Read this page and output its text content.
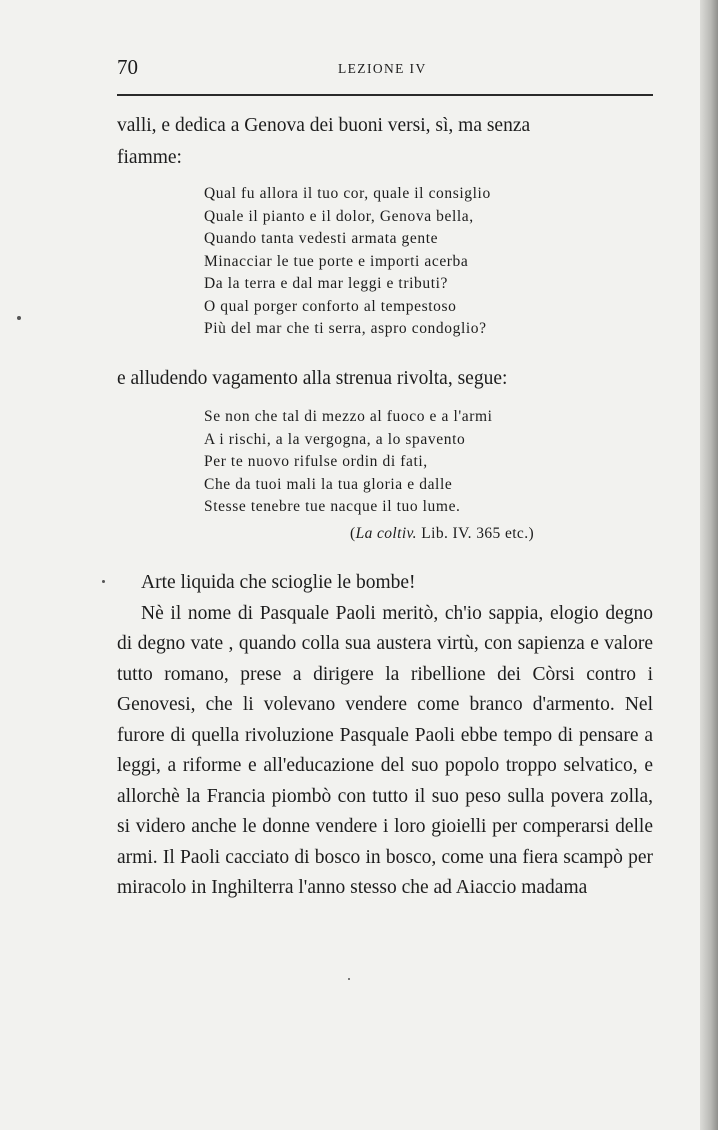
70	LEZIONE IV

valli, e dedica a Genova dei buoni versi, sì, ma senza
fiamme:

Qual fu allora il tuo cor, quale il consiglio
Quale il pianto e il dolor, Genova bella,
Quando tanta vedesti armata gente
Minacciar le tue porte e importi acerba
Da la terra e dal mar leggi e tributi?
O qual porger conforto al tempestoso
Più del mar che ti serra, aspro condoglio?

e alludendo vagamento alla strenua rivolta, segue:

Se non che tal di mezzo al fuoco e a l'armi
A i rischi, a la vergogna, a lo spavento
Per te nuovo rifulse ordin di fati,
Che da tuoi mali la tua gloria e dalle
Stesse tenebre tue nacque il tuo lume.
(La coltiv. Lib. IV. 365 etc.)

Arte liquida che scioglie le bombe!

Nè il nome di Pasquale Paoli meritò, ch'io sappia, elogio degno di degno vate , quando colla sua austera virtù, con sapienza e valore tutto romano, prese a dirigere la ribellione dei Còrsi contro i Genovesi, che li volevano vendere come branco d'armento. Nel furore di quella rivoluzione Pasquale Paoli ebbe tempo di pensare a leggi, a riforme e all'educazione del suo popolo troppo selvatico, e allorchè la Francia piombò con tutto il suo peso sulla povera zolla, si videro anche le donne vendere i loro gioielli per comperarsi delle armi. Il Paoli cacciato di bosco in bosco, come una fiera scampò per miracolo in Inghilterra l'anno stesso che ad Aiaccio madama
